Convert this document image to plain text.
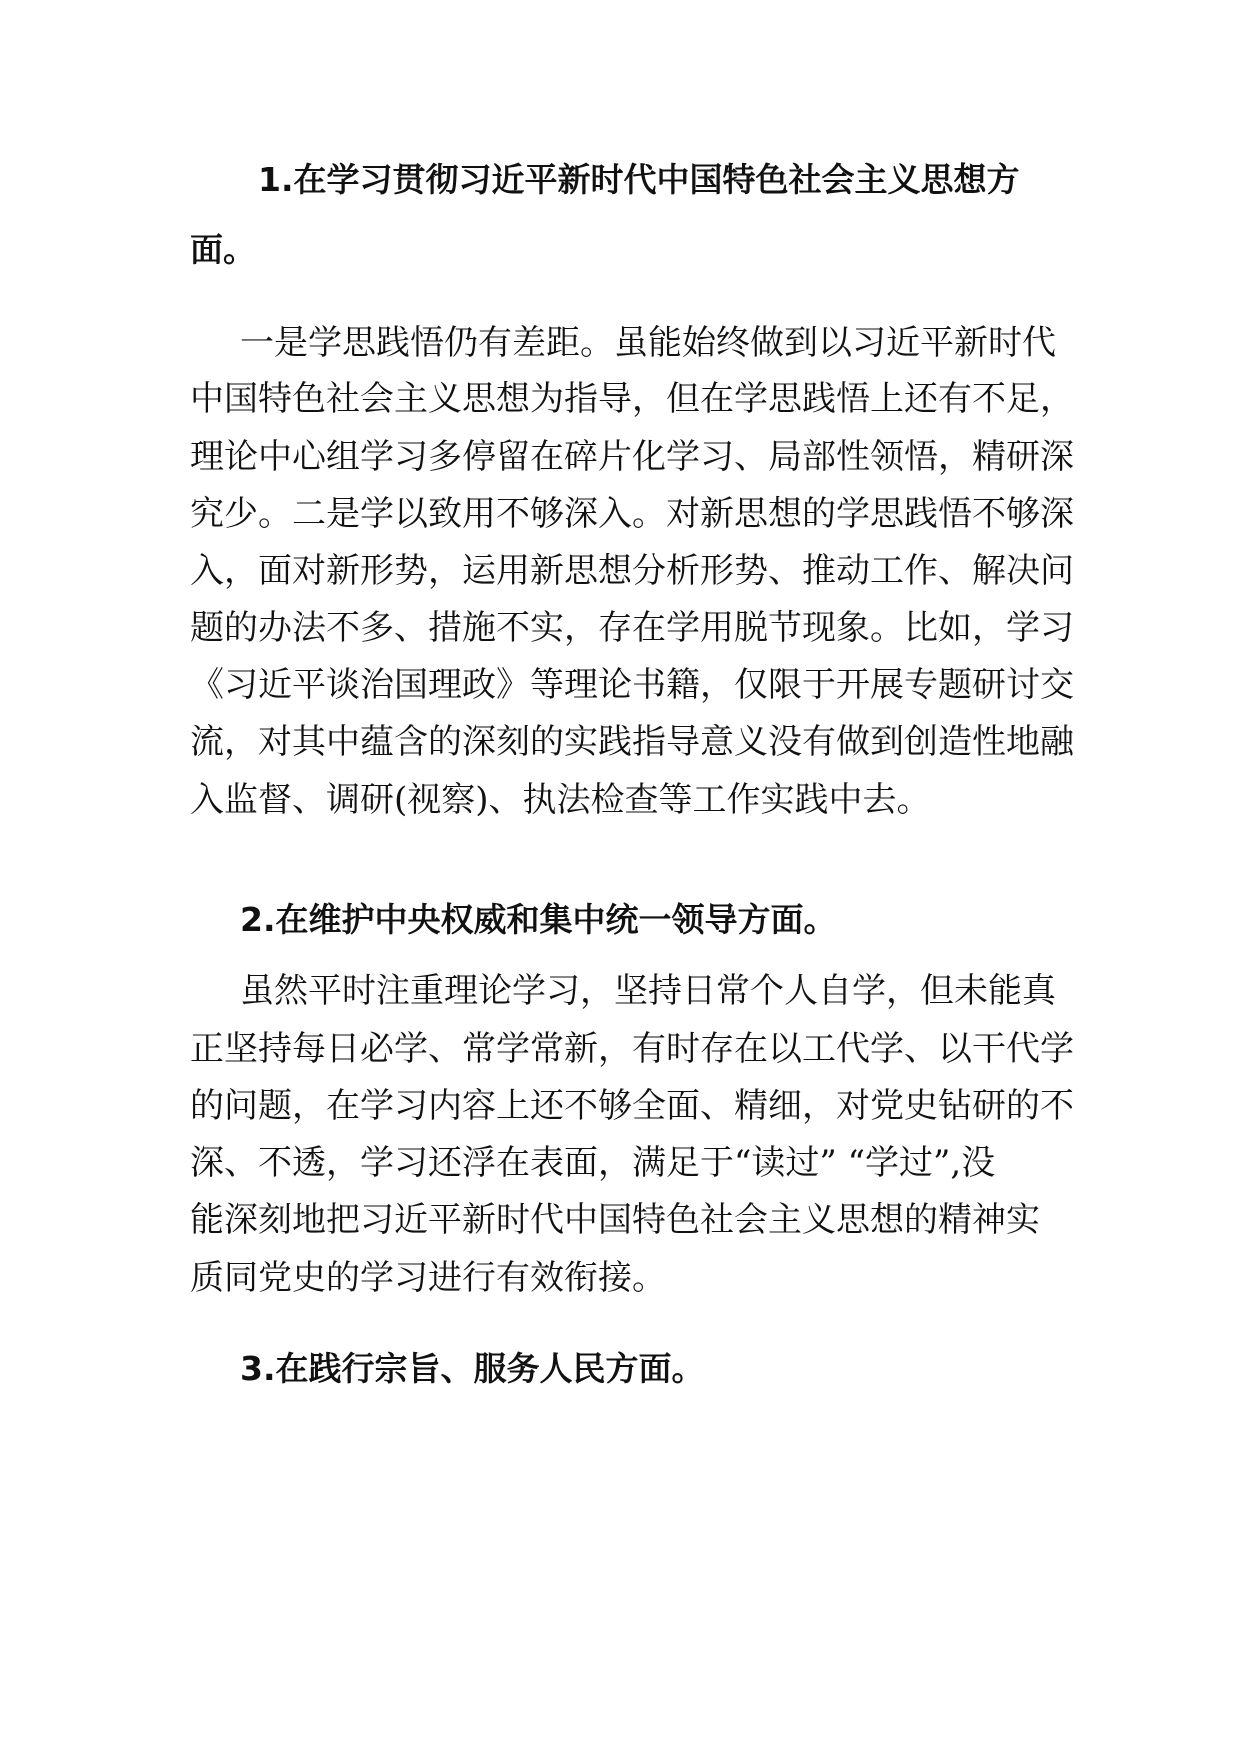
1.在学习贯彻习近平新时代中国特色社会主义思想方
面。
一是学思践悟仍有差距。虽能始终做到以习近平新时代
中国特色社会主义思想为指导，但在学思践悟上还有不足，
理论中心组学习多停留在碎片化学习、局部性领悟，精研深
究少。二是学以致用不够深入。对新思想的学思践悟不够深
入，面对新形势，运用新思想分析形势、推动工作、解决问
题的办法不多、措施不实，存在学用脱节现象。比如，学习
《习近平谈治国理政》等理论书籍，仅限于开展专题研讨交
流，对其中蕴含的深刻的实践指导意义没有做到创造性地融
入监督、调研(视察)、执法检查等工作实践中去。
2.在维护中央权威和集中统一领导方面。
虽然平时注重理论学习，坚持日常个人自学，但未能真
正坚持每日必学、常学常新，有时存在以工代学、以干代学
的问题，在学习内容上还不够全面、精细，对党史钻研的不
深、不透，学习还浮在表面，满足于“读过” “学过”,没
能深刻地把习近平新时代中国特色社会主义思想的精神实
质同党史的学习进行有效衔接。
3.在践行宗旨、服务人民方面。
